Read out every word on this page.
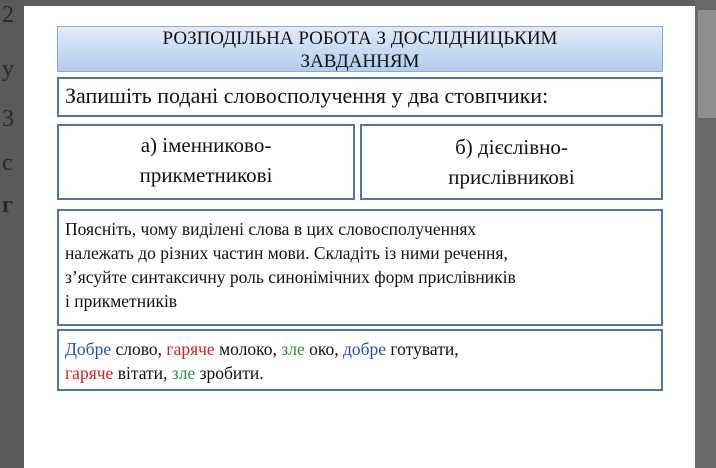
2
у
3
с
г
РОЗПОДІЛЬНА РОБОТА З ДОСЛІДНИЦЬКИМ
ЗАВДАННЯМ
Запишіть подані словосполучення у два стовпчики:
а) іменниково-
прикметникові
б) дієслівно-
прислівникові
Поясніть, чому виділені слова в цих словосполученнях
належать до різних частин мови. Складіть із ними речення,
з’ясуйте синтаксичну роль синонімічних форм прислівників
і прикметників
Добре слово, гаряче молоко, зле око, добре готувати,
гаряче вітати, зле зробити.
